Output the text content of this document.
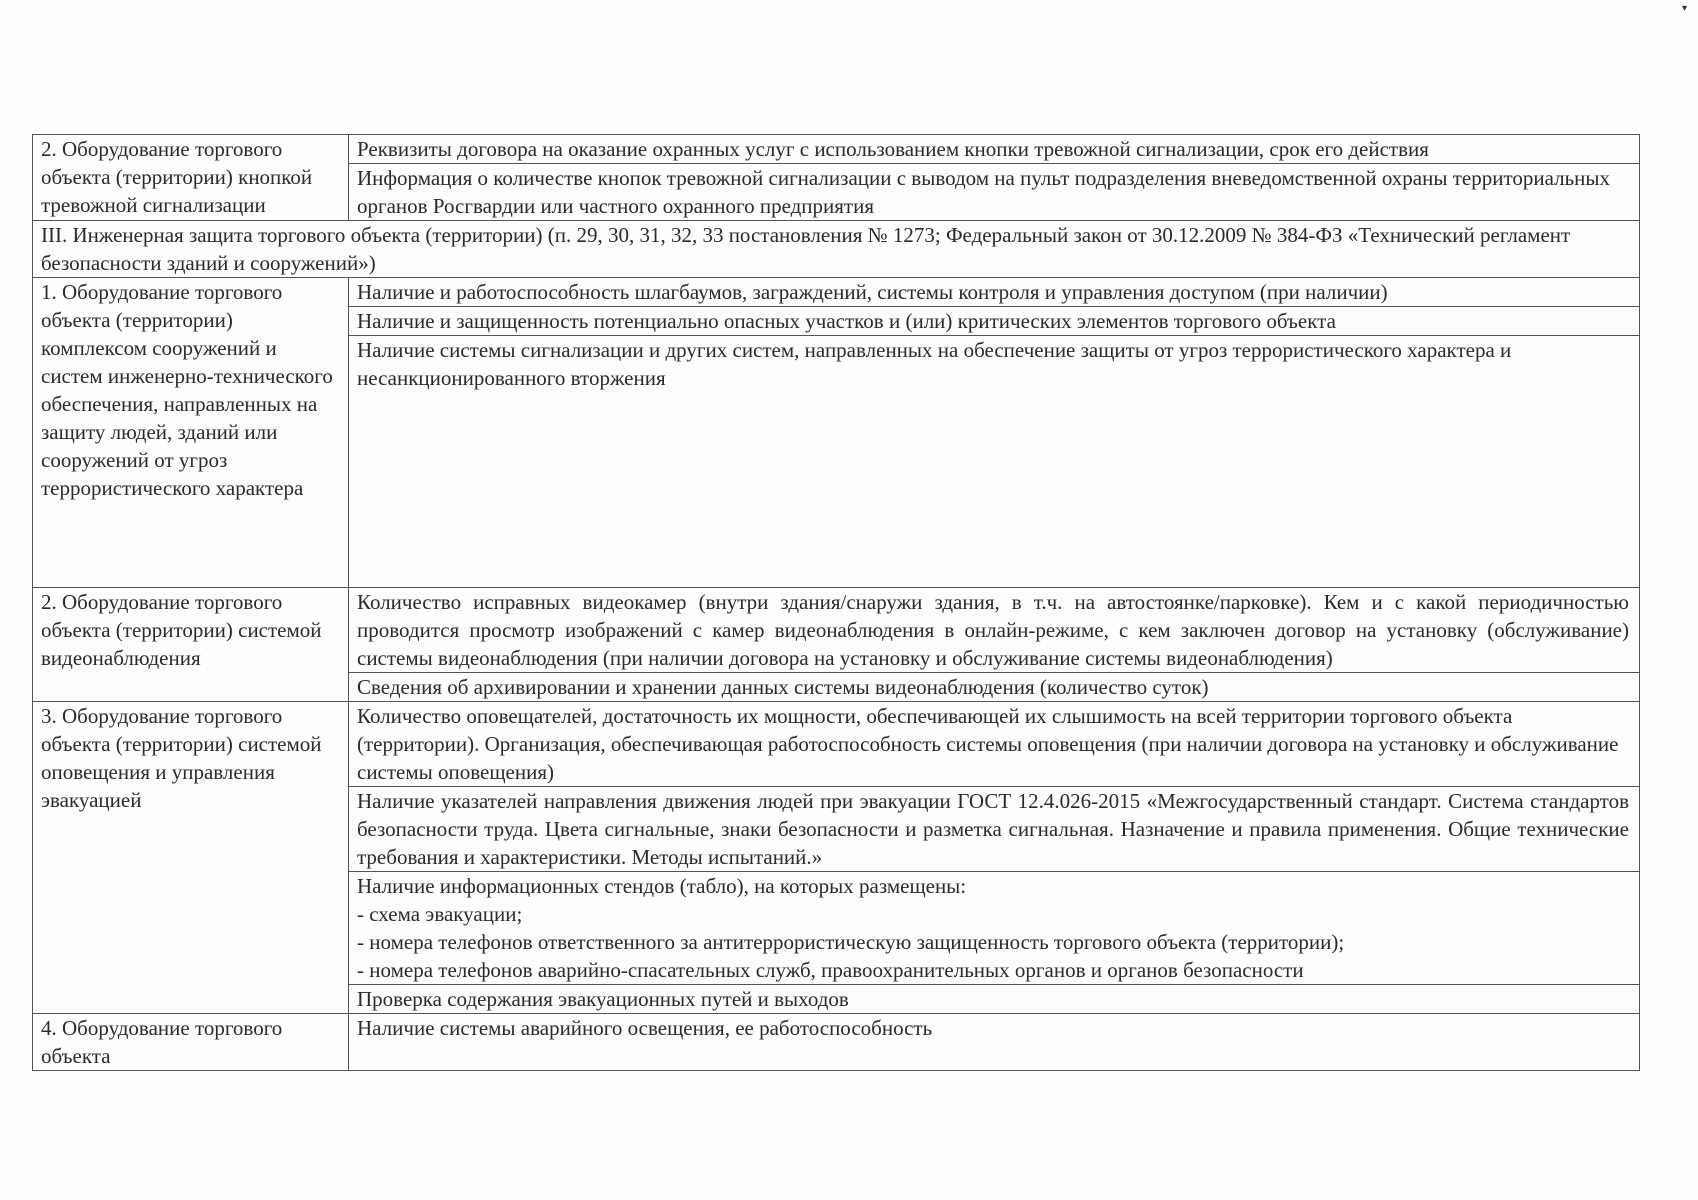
▾
2. Оборудование торгового объекта (территории) кнопкой тревожной сигнализации	Реквизиты договора на оказание охранных услуг с использованием кнопки тревожной сигнализации, срок его действия
	Информация о количестве кнопок тревожной сигнализации с выводом на пульт подразделения вневедомственной охраны территориальных органов Росгвардии или частного охранного предприятия
III. Инженерная защита торгового объекта (территории) (п. 29, 30, 31, 32, 33 постановления № 1273; Федеральный закон от 30.12.2009 № 384-ФЗ «Технический регламент безопасности зданий и сооружений»)	
1. Оборудование торгового объекта (территории) комплексом сооружений и систем инженерно-технического обеспечения, направленных на защиту людей, зданий или сооружений от угроз террористического характера	Наличие и работоспособность шлагбаумов, заграждений, системы контроля и управления доступом (при наличии)
	Наличие и защищенность потенциально опасных участков и (или) критических элементов торгового объекта
	Наличие системы сигнализации и других систем, направленных на обеспечение защиты от угроз террористического характера и несанкционированного вторжения
2. Оборудование торгового объекта (территории) системой видеонаблюдения	Количество исправных видеокамер (внутри здания/снаружи здания, в т.ч. на автостоянке/парковке). Кем и с какой периодичностью проводится просмотр изображений с камер видеонаблюдения в онлайн-режиме, с кем заключен договор на установку (обслуживание) системы видеонаблюдения (при наличии договора на установку и обслуживание системы видеонаблюдения)
	Сведения об архивировании и хранении данных системы видеонаблюдения (количество суток)
3. Оборудование торгового объекта (территории) системой оповещения и управления эвакуацией	Количество оповещателей, достаточность их мощности, обеспечивающей их слышимость на всей территории торгового объекта (территории). Организация, обеспечивающая работоспособность системы оповещения (при наличии договора на установку и обслуживание системы оповещения)
	Наличие указателей направления движения людей при эвакуации ГОСТ 12.4.026-2015 «Межгосударственный стандарт. Система стандартов безопасности труда. Цвета сигнальные, знаки безопасности и разметка сигнальная. Назначение и правила применения. Общие технические требования и характеристики. Методы испытаний.»

	Наличие информационных стендов (табло), на которых размещены:
- схема эвакуации;
- номера телефонов ответственного за антитеррористическую защищенность торгового объекта (территории);
- номера телефонов аварийно-спасательных служб, правоохранительных органов и органов безопасности

	Проверка содержания эвакуационных путей и выходов
4. Оборудование торгового объекта	Наличие системы аварийного освещения, ее работоспособность
